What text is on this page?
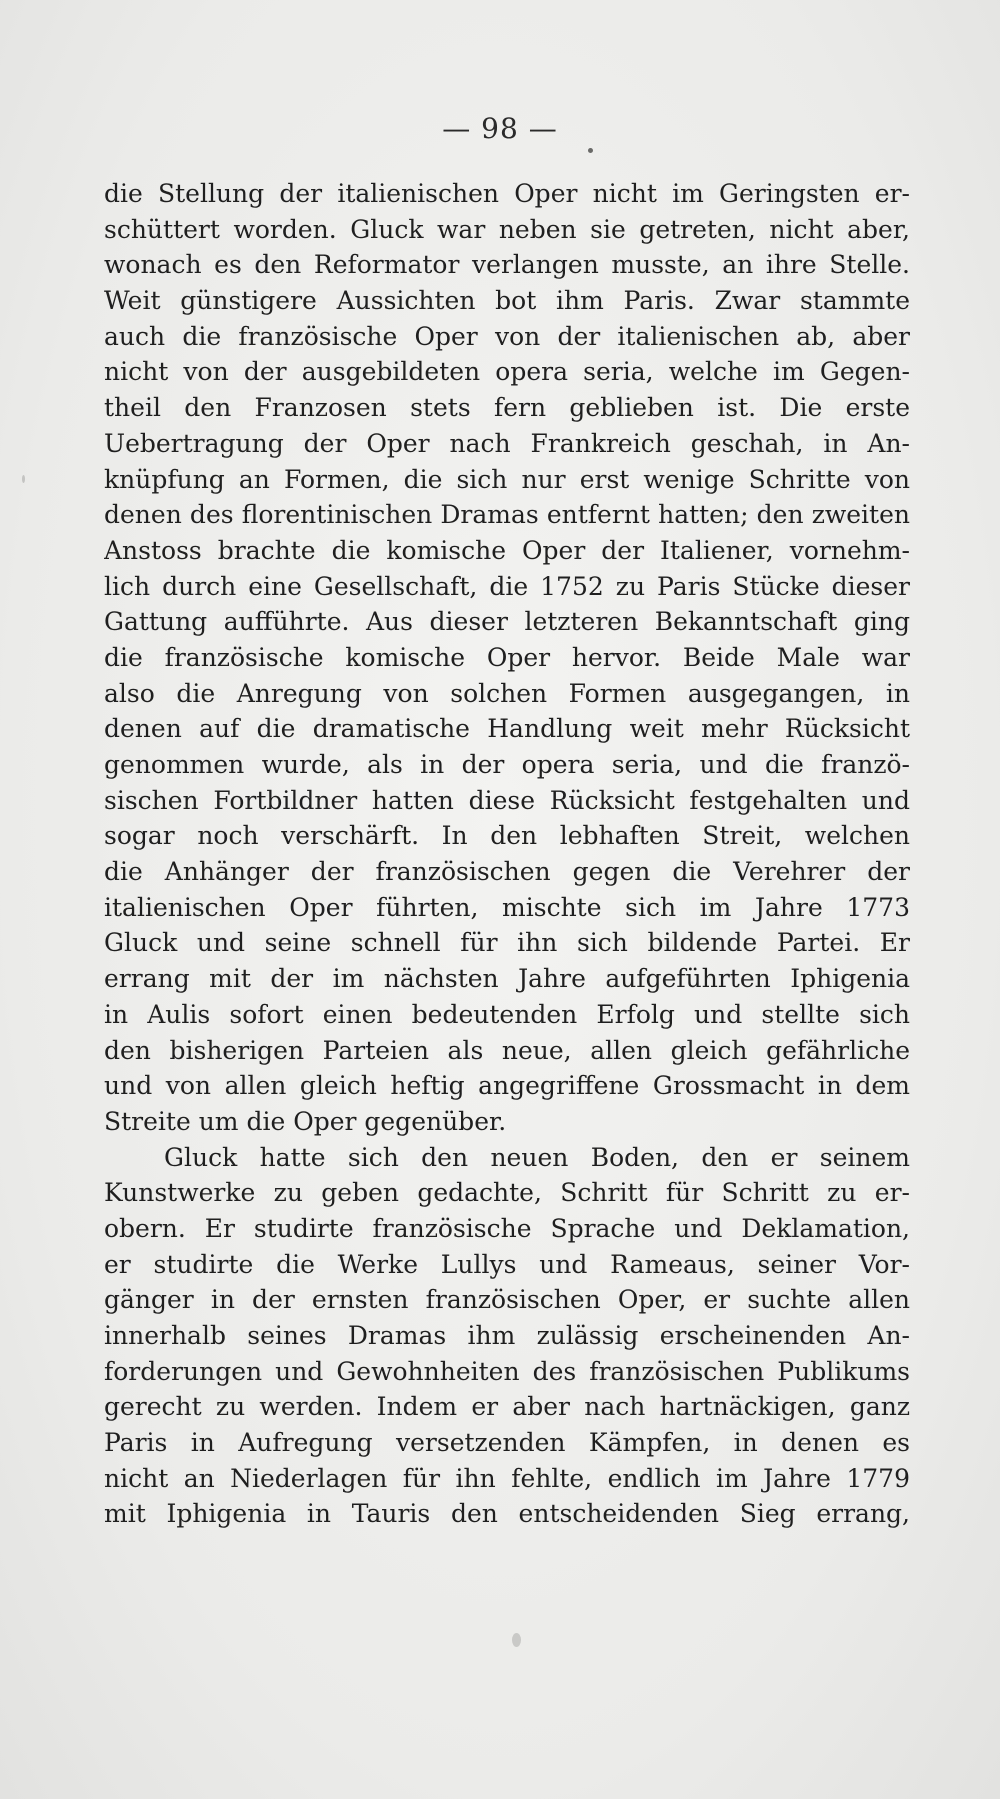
— 98 —
die Stellung der italienischen Oper nicht im Geringsten er-
schüttert worden. Gluck war neben sie getreten, nicht aber,
wonach es den Reformator verlangen musste, an ihre Stelle.
Weit günstigere Aussichten bot ihm Paris. Zwar stammte
auch die französische Oper von der italienischen ab, aber
nicht von der ausgebildeten opera seria, welche im Gegen-
theil den Franzosen stets fern geblieben ist. Die erste
Uebertragung der Oper nach Frankreich geschah, in An-
knüpfung an Formen, die sich nur erst wenige Schritte von
denen des florentinischen Dramas entfernt hatten; den zweiten
Anstoss brachte die komische Oper der Italiener, vornehm-
lich durch eine Gesellschaft, die 1752 zu Paris Stücke dieser
Gattung aufführte. Aus dieser letzteren Bekanntschaft ging
die französische komische Oper hervor. Beide Male war
also die Anregung von solchen Formen ausgegangen, in
denen auf die dramatische Handlung weit mehr Rücksicht
genommen wurde, als in der opera seria, und die franzö-
sischen Fortbildner hatten diese Rücksicht festgehalten und
sogar noch verschärft. In den lebhaften Streit, welchen
die Anhänger der französischen gegen die Verehrer der
italienischen Oper führten, mischte sich im Jahre 1773
Gluck und seine schnell für ihn sich bildende Partei. Er
errang mit der im nächsten Jahre aufgeführten Iphigenia
in Aulis sofort einen bedeutenden Erfolg und stellte sich
den bisherigen Parteien als neue, allen gleich gefährliche
und von allen gleich heftig angegriffene Grossmacht in dem
Streite um die Oper gegenüber.
Gluck hatte sich den neuen Boden, den er seinem
Kunstwerke zu geben gedachte, Schritt für Schritt zu er-
obern. Er studirte französische Sprache und Deklamation,
er studirte die Werke Lullys und Rameaus, seiner Vor-
gänger in der ernsten französischen Oper, er suchte allen
innerhalb seines Dramas ihm zulässig erscheinenden An-
forderungen und Gewohnheiten des französischen Publikums
gerecht zu werden. Indem er aber nach hartnäckigen, ganz
Paris in Aufregung versetzenden Kämpfen, in denen es
nicht an Niederlagen für ihn fehlte, endlich im Jahre 1779
mit Iphigenia in Tauris den entscheidenden Sieg errang,
